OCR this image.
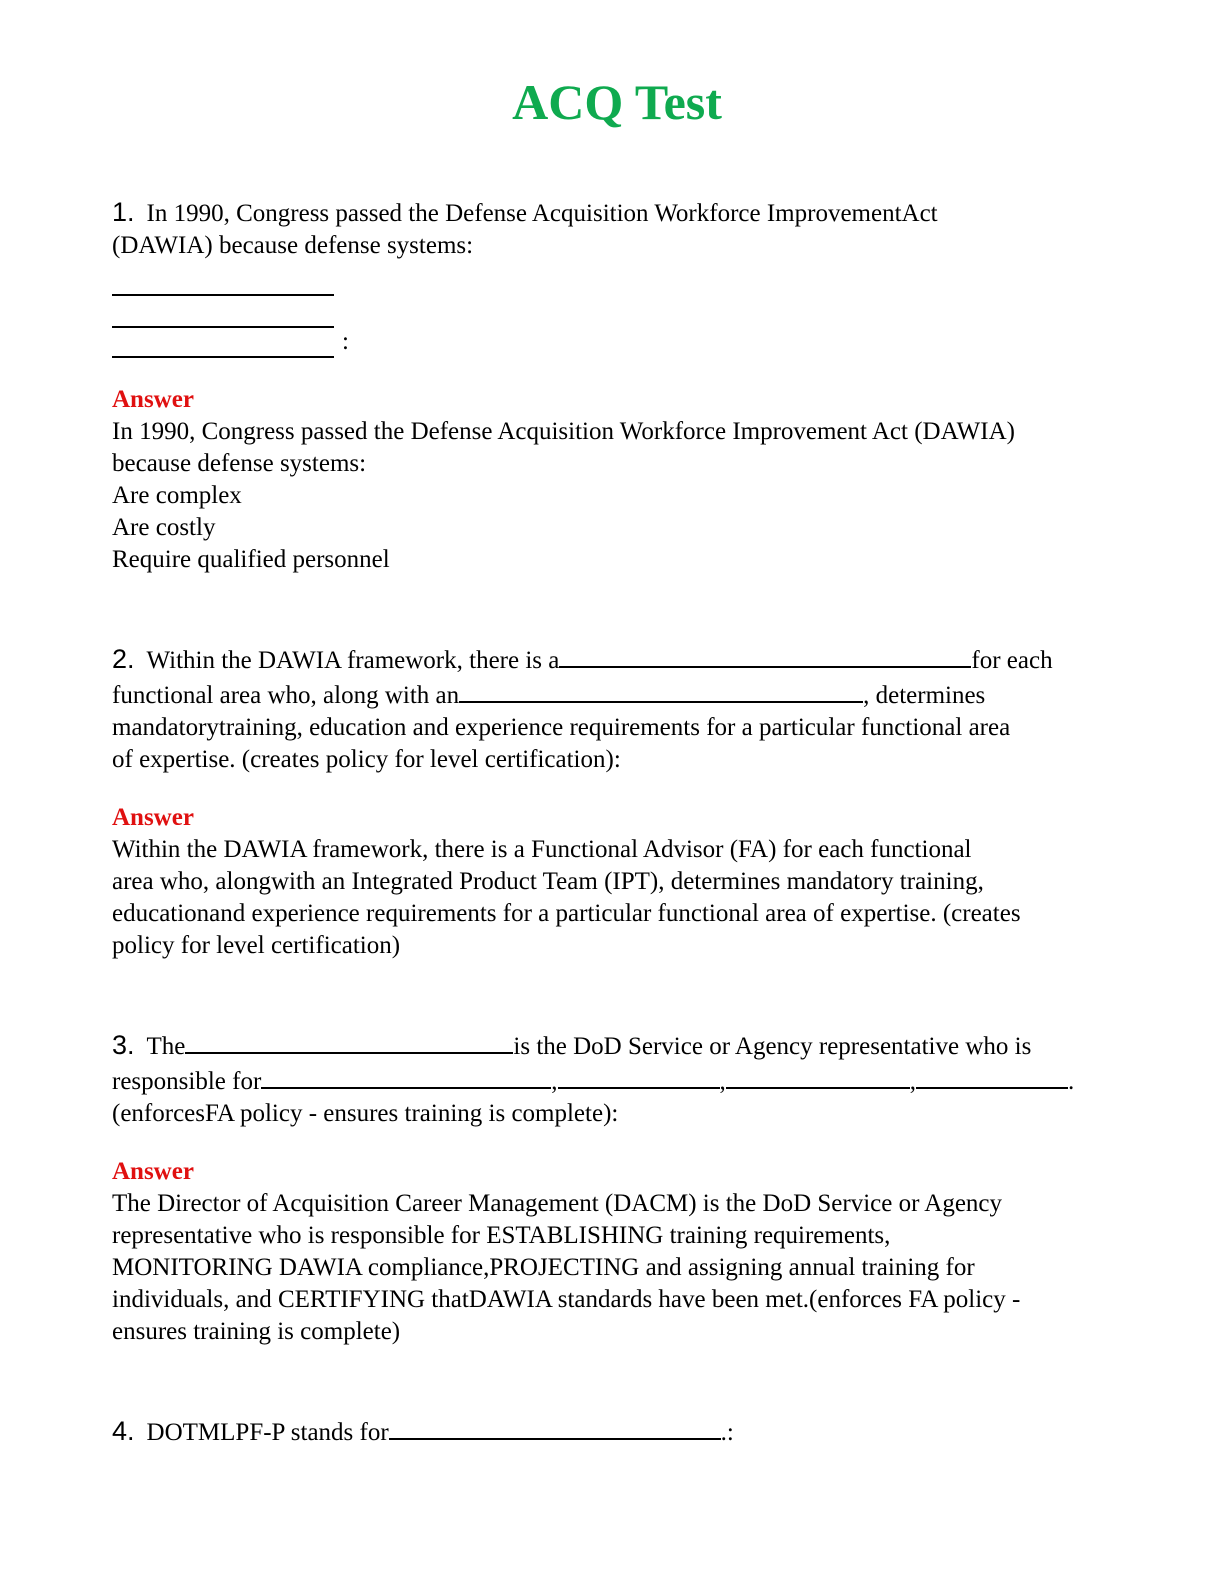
ACQ Test

1. In 1990, Congress passed the Defense Acquisition Workforce ImprovementAct

(DAWIA) because defense systems:

:

Answer

In 1990, Congress passed the Defense Acquisition Workforce Improvement Act (DAWIA)

because defense systems:

Are complex

Are costly

Require qualified personnel

2. Within the DAWIA framework, there is a	for each

functional area who, along with an	, determines

mandatorytraining, education and experience requirements for a particular functional area

of expertise. (creates policy for level certification):

Answer

Within the DAWIA framework, there is a Functional Advisor (FA) for each functional

area who, alongwith an Integrated Product Team (IPT), determines mandatory training,

educationand experience requirements for a particular functional area of expertise. (creates

policy for level certification)

3. The	is the DoD Service or Agency representative who is

responsible for	,	,	,	.

(enforcesFA policy - ensures training is complete):

Answer

The Director of Acquisition Career Management (DACM) is the DoD Service or Agency

representative who is responsible for ESTABLISHING training requirements,

MONITORING DAWIA compliance,PROJECTING and assigning annual training for

individuals, and CERTIFYING thatDAWIA standards have been met.(enforces FA policy -

ensures training is complete)

4. DOTMLPF-P stands for	.:
